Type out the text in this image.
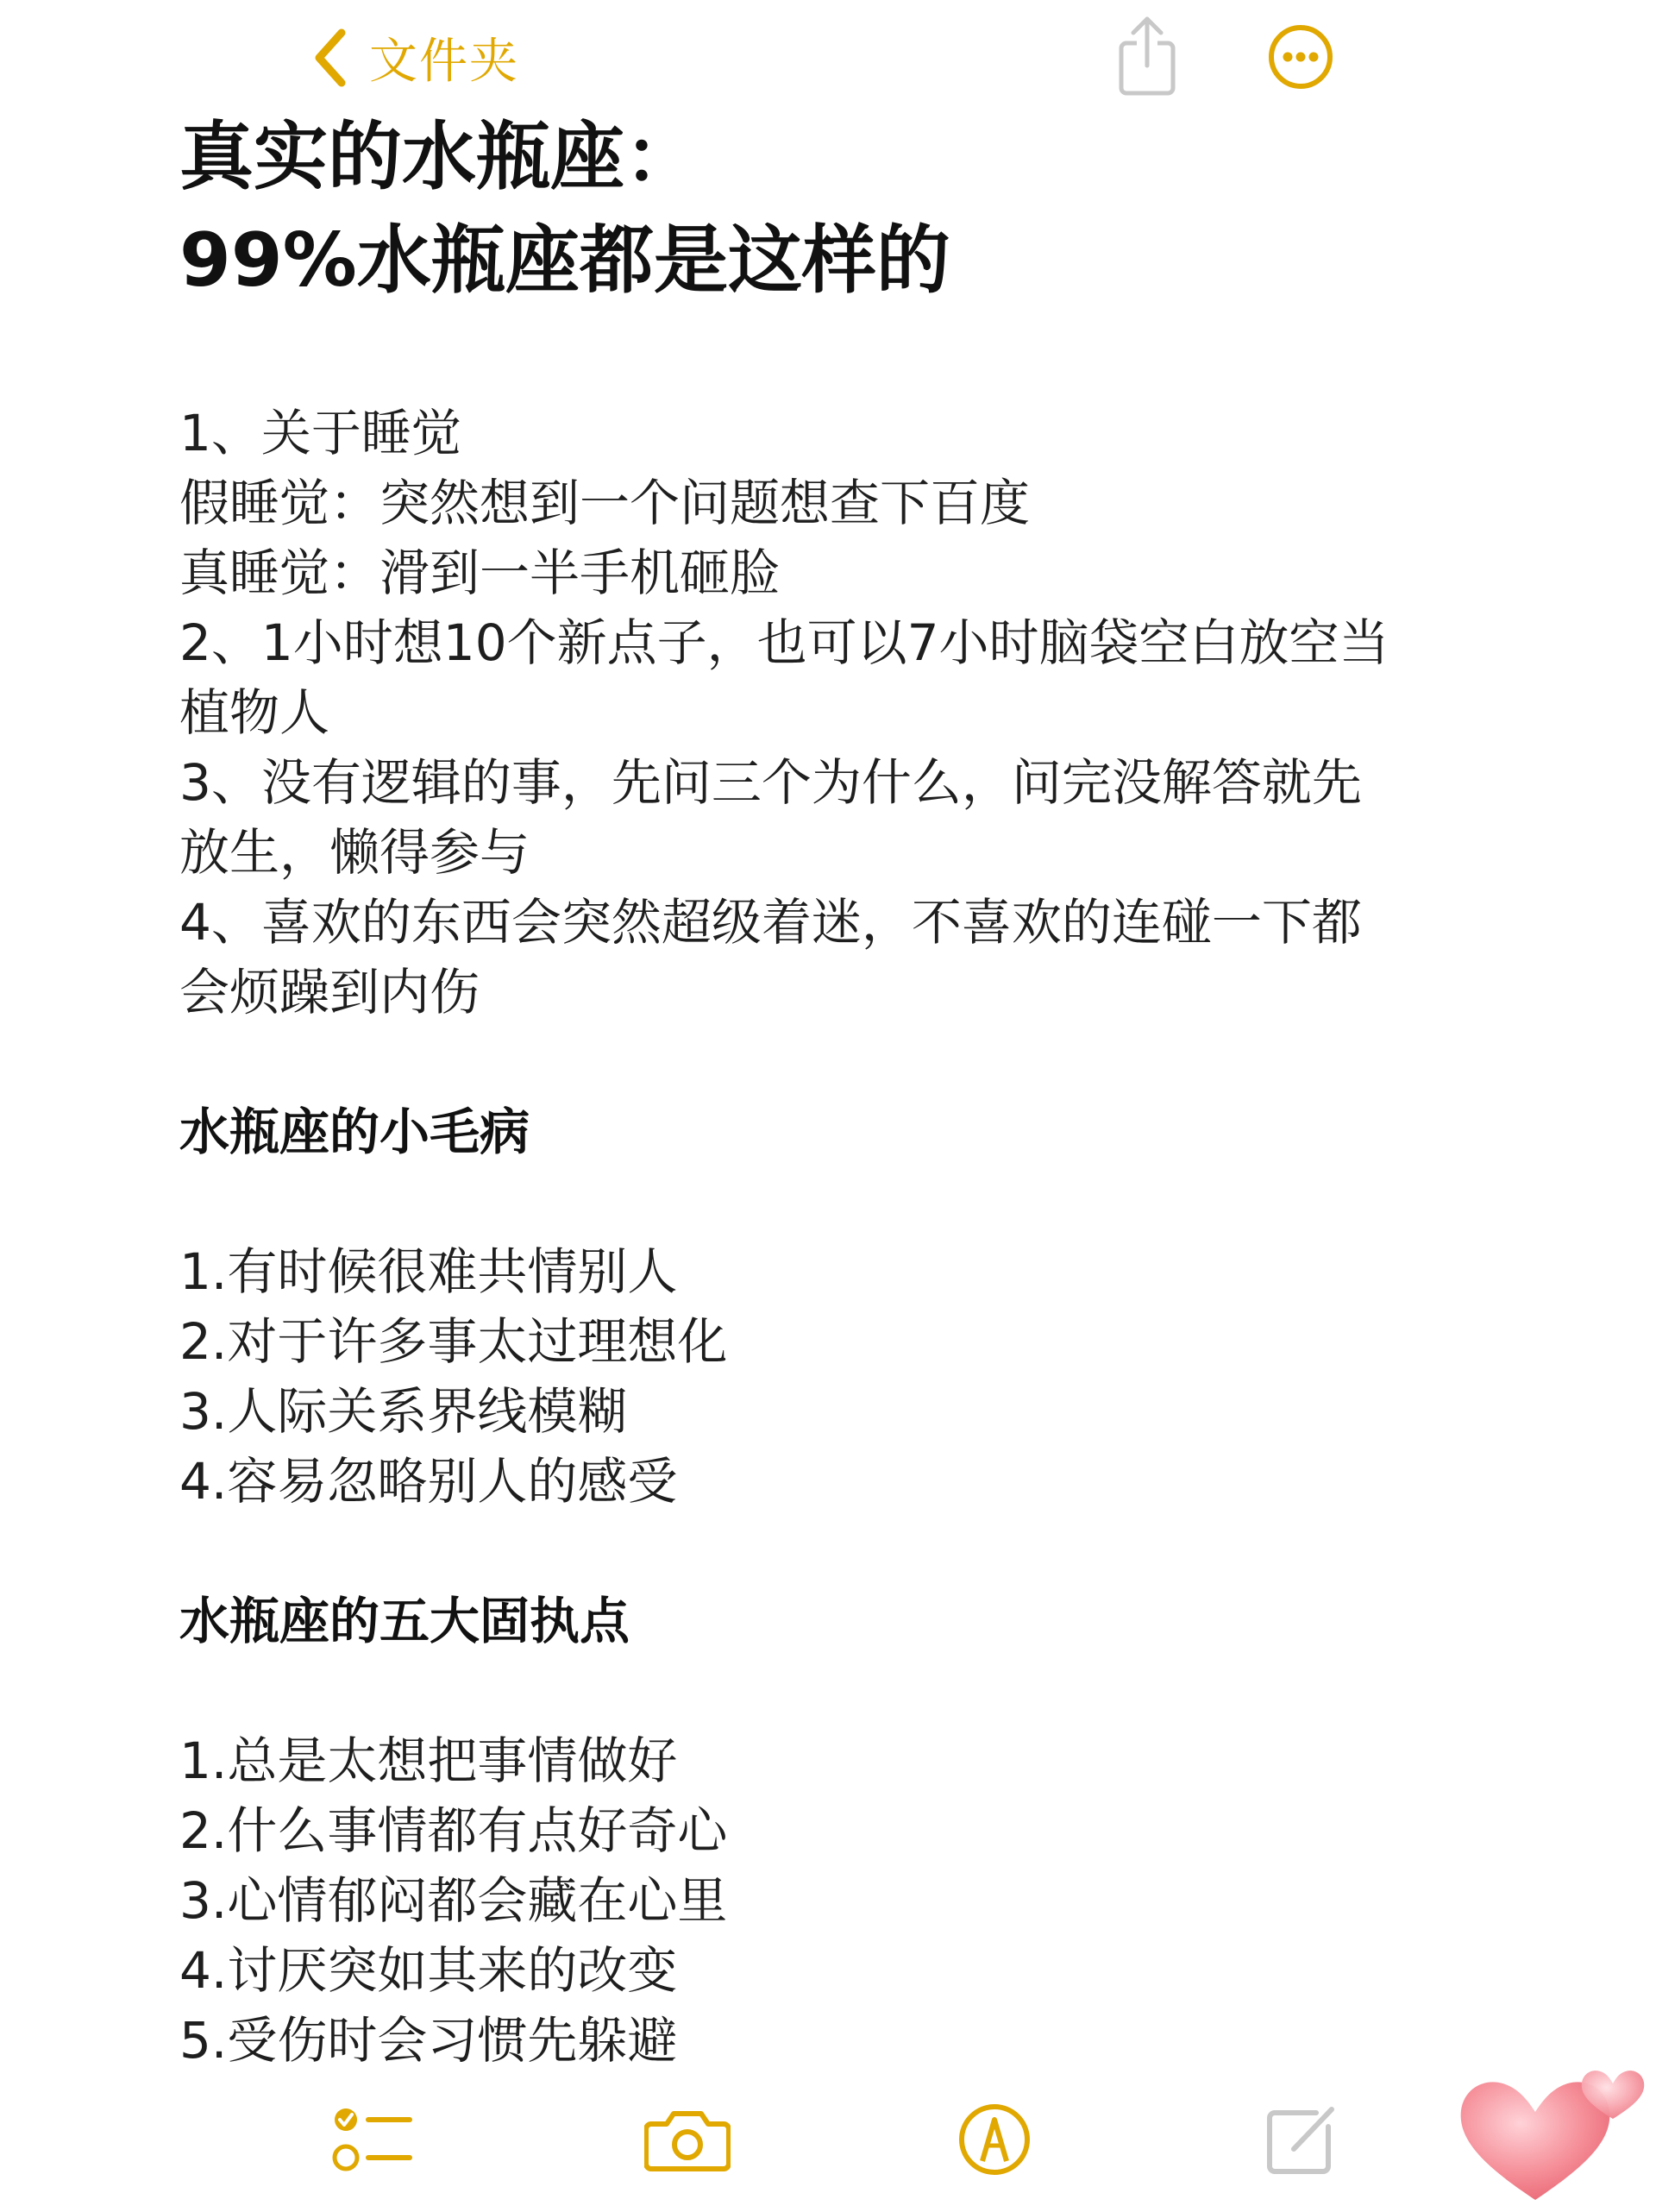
文件夹
真实的水瓶座：
99%水瓶座都是这样的
1、关于睡觉
假睡觉：突然想到一个问题想查下百度
真睡觉：滑到一半手机砸脸
2、1小时想10个新点子，也可以7小时脑袋空白放空当
植物人
3、没有逻辑的事，先问三个为什么，问完没解答就先
放生，懒得参与
4、喜欢的东西会突然超级着迷，不喜欢的连碰一下都
会烦躁到内伤
水瓶座的小毛病
1.有时候很难共情别人
2.对于许多事太过理想化
3.人际关系界线模糊
4.容易忽略别人的感受
水瓶座的五大固执点
1.总是太想把事情做好
2.什么事情都有点好奇心
3.心情郁闷都会藏在心里
4.讨厌突如其来的改变
5.受伤时会习惯先躲避
